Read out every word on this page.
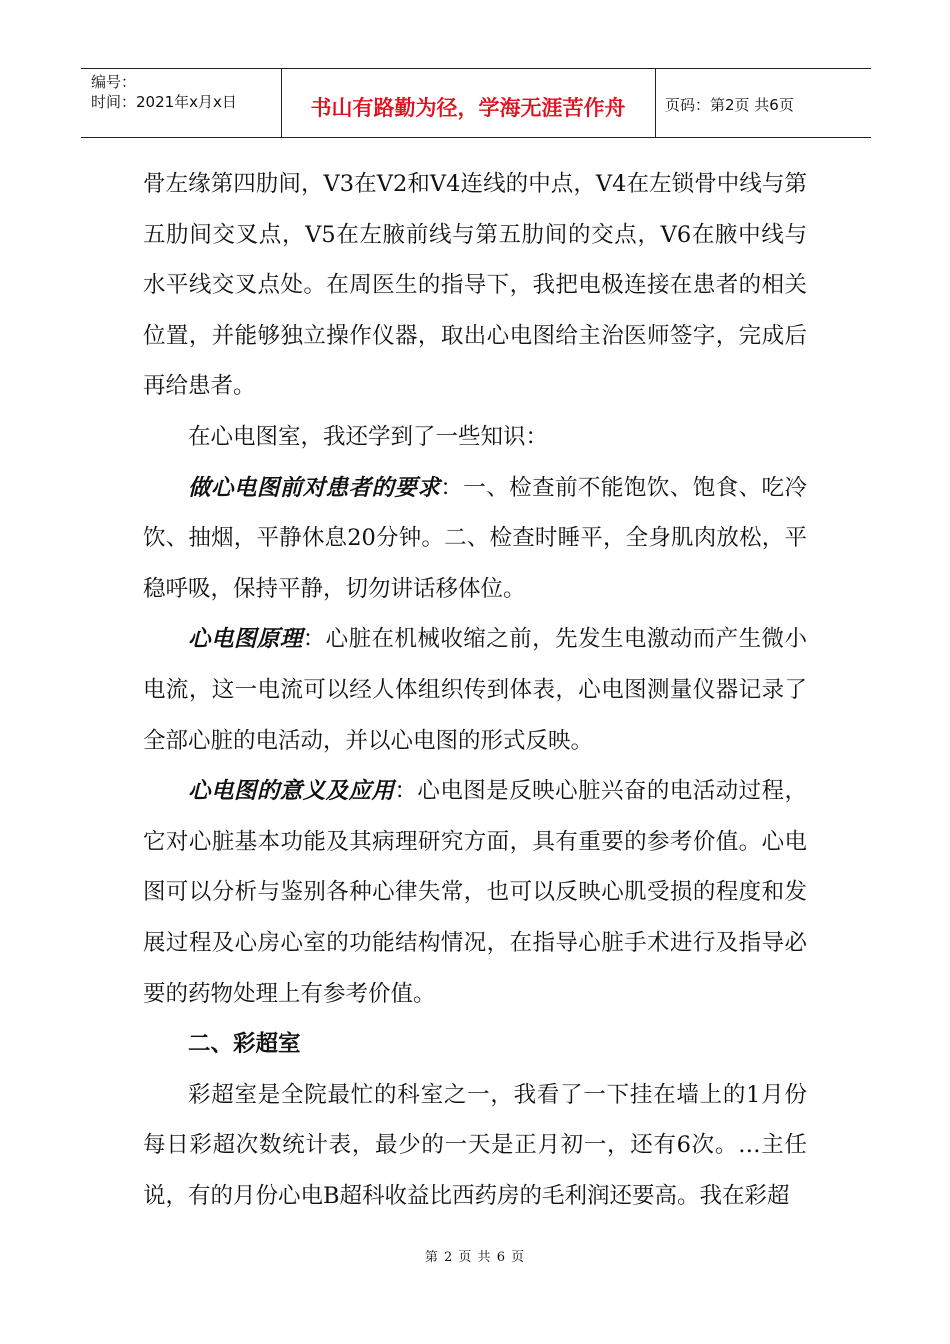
编号：
时间：2021年x月x日	书山有路勤为径，学海无涯苦作舟	页码：第2页 共6页

骨左缘第四肋间，V3在V2和V4连线的中点，V4在左锁骨中线与第五肋间交叉点，V5在左腋前线与第五肋间的交点，V6在腋中线与水平线交叉点处。在周医生的指导下，我把电极连接在患者的相关位置，并能够独立操作仪器，取出心电图给主治医师签字，完成后再给患者。

在心电图室，我还学到了一些知识：

做心电图前对患者的要求：一、检查前不能饱饮、饱食、吃冷饮、抽烟，平静休息20分钟。二、检查时睡平，全身肌肉放松，平稳呼吸，保持平静，切勿讲话移体位。

心电图原理：心脏在机械收缩之前，先发生电激动而产生微小电流，这一电流可以经人体组织传到体表，心电图测量仪器记录了全部心脏的电活动，并以心电图的形式反映。

心电图的意义及应用：心电图是反映心脏兴奋的电活动过程，它对心脏基本功能及其病理研究方面，具有重要的参考价值。心电图可以分析与鉴别各种心律失常，也可以反映心肌受损的程度和发展过程及心房心室的功能结构情况，在指导心脏手术进行及指导必要的药物处理上有参考价值。

二、彩超室

彩超室是全院最忙的科室之一，我看了一下挂在墙上的1月份每日彩超次数统计表，最少的一天是正月初一，还有6次。…主任说，有的月份心电B超科收益比西药房的毛利润还要高。我在彩超

第 2 页 共 6 页
